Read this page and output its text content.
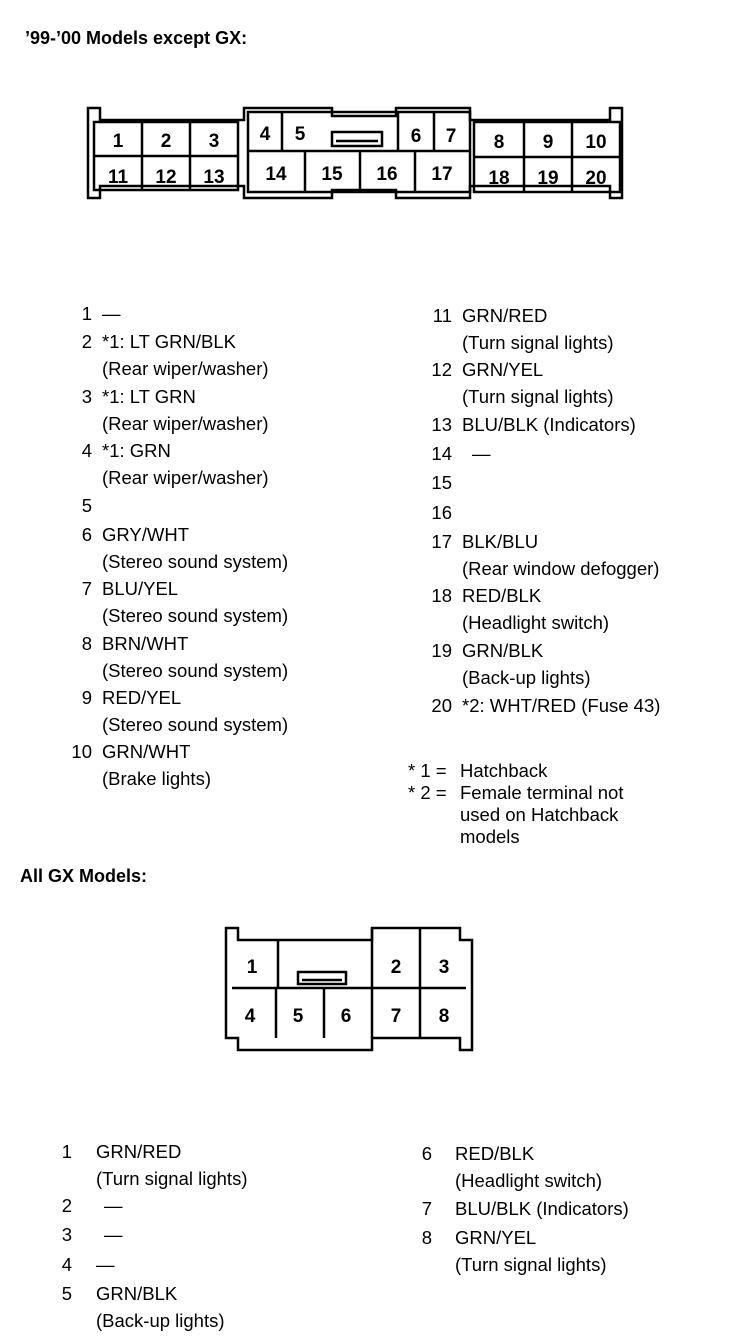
’99-’00 Models except GX:
1 2 3 4 5	6 7 8 9 10
11 12 13 14 15 16 17 18 19 20
1 —
2 *1: LT GRN/BLK
(Rear wiper/washer)
3 *1: LT GRN
(Rear wiper/washer)
4 *1: GRN
(Rear wiper/washer)
5
6 GRY/WHT
(Stereo sound system)
7 BLU/YEL
(Stereo sound system)
8 BRN/WHT
(Stereo sound system)
9 RED/YEL
(Stereo sound system)
10 GRN/WHT
(Brake lights)
11 GRN/RED
(Turn signal lights)
12 GRN/YEL
(Turn signal lights)
13 BLU/BLK (Indicators)
14 —
15
16
17 BLK/BLU
(Rear window defogger)
18 RED/BLK
(Headlight switch)
19 GRN/BLK
(Back-up lights)
20 *2: WHT/RED (Fuse 43)
* 1 = Hatchback
* 2 = Female terminal not
used on Hatchback
models
All GX Models:
1	2 3
4 5 6 7 8
1 GRN/RED
(Turn signal lights)
2 —
3 —
4 —
5 GRN/BLK
(Back-up lights)
6 RED/BLK
(Headlight switch)
7 BLU/BLK (Indicators)
8 GRN/YEL
(Turn signal lights)
